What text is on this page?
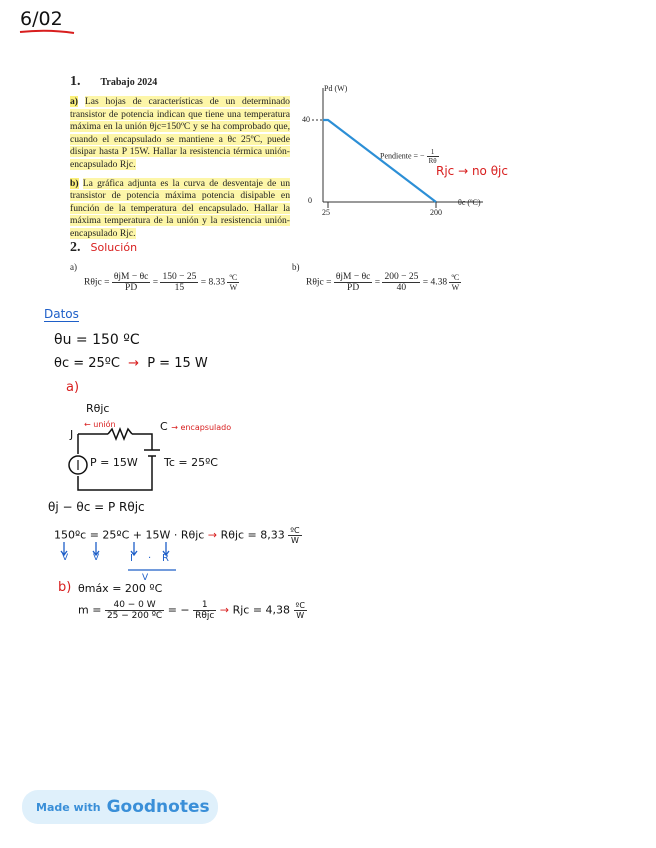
6/02
1. Trabajo 2024
a) Las hojas de características de un determinado transistor de potencia indican que tiene una temperatura máxima en la unión θjc=150ºC y se ha comprobado que, cuando el encapsulado se mantiene a θc 25ºC, puede disipar hasta P 15W. Hallar la resistencia térmica unión-encapsulado Rjc.
b) La gráfica adjunta es la curva de desventaje de un transistor de potencia máxima potencia disipable en función de la temperatura del encapsulado. Hallar la máxima temperatura de la unión y la resistencia unión-encapsulado Rjc.
Pd (W)
40
0
25	200
θc (ºC)
Pendiente = − $\frac{1}{R\theta}$
Rjc → no θjc
2. Solución
a)
$R\theta jc = \frac{\text{θjM − θc}}{PD} = \frac{150 - 25}{15} = 8.33 \frac{\text{ºC}}{W}$
b)
$R\theta jc = \frac{\text{θjM − θc}}{PD} = \frac{200 - 25}{40} = 4.38 \frac{\text{ºC}}{W}$
Datos
θu = 150 ºC
θc = 25ºC → P = 15 W
a)
Rθjc
J
← unión	C → encapsulado
P = 15W Tc = 25ºC
θj − θc = P Rθjc
150ºc = 25ºC + $15W \cdot R\theta jc \to R\theta jc = 8,33 \frac{\text{ºC}}{W}$
V	V	I · R
V
b) θmáx = 200 ºC
$m = \frac{40 - 0 W}{\text{25 − 200 ºC}}$ = − $\frac{1}{\text{Rθjc}}$ → Rjc = $4,38 \frac{\text{ºC}}{W}$
Made with Goodnotes
